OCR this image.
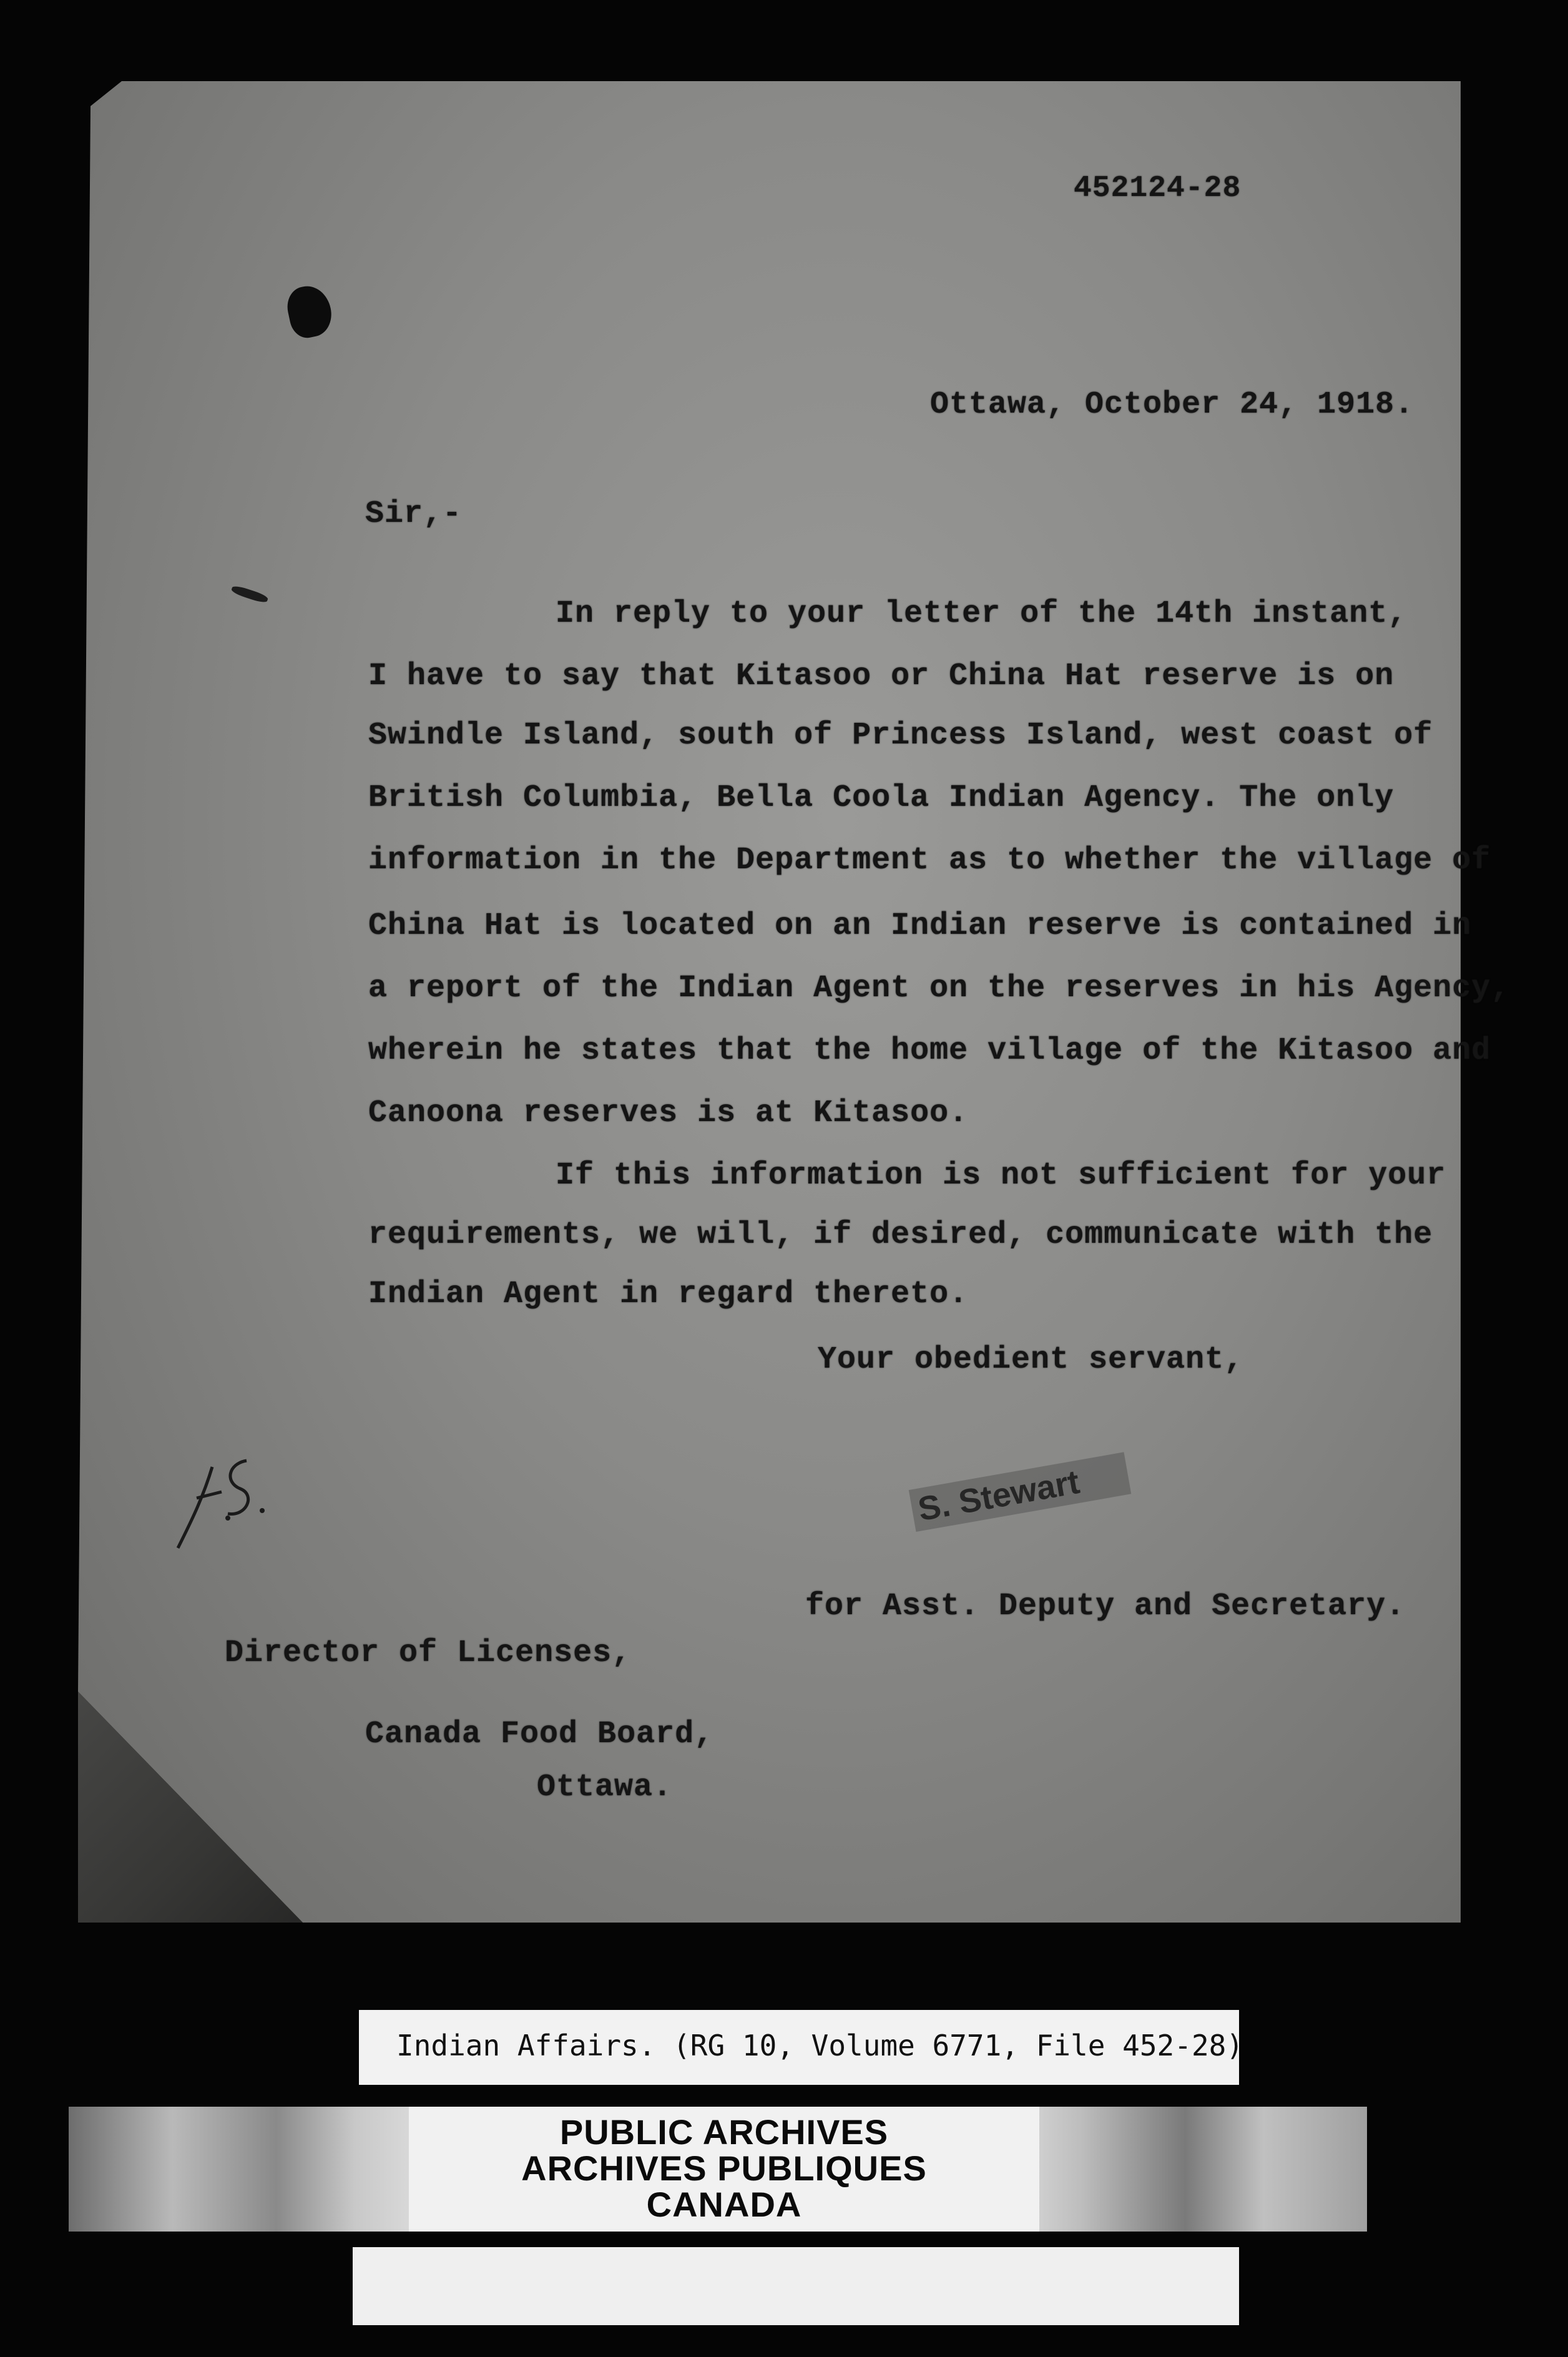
452124-28
Ottawa, October 24, 1918.
Sir,-
In reply to your letter of the 14th instant,
I have to say that Kitasoo or China Hat reserve is on
Swindle Island, south of Princess Island, west coast of
British Columbia, Bella Coola Indian Agency. The only
information in the Department as to whether the village of
China Hat is located on an Indian reserve is contained in
a report of the Indian Agent on the reserves in his Agency,
wherein he states that the home village of the Kitasoo and
Canoona reserves is at Kitasoo.
If this information is not sufficient for your
requirements, we will, if desired, communicate with the
Indian Agent in regard thereto.
Your obedient servant,
S. Stewart
for Asst. Deputy and Secretary.
Director of Licenses,
Canada Food Board,
Ottawa.
Indian Affairs. (RG 10, Volume 6771, File 452-28)
PUBLIC ARCHIVES
ARCHIVES PUBLIQUES
CANADA
